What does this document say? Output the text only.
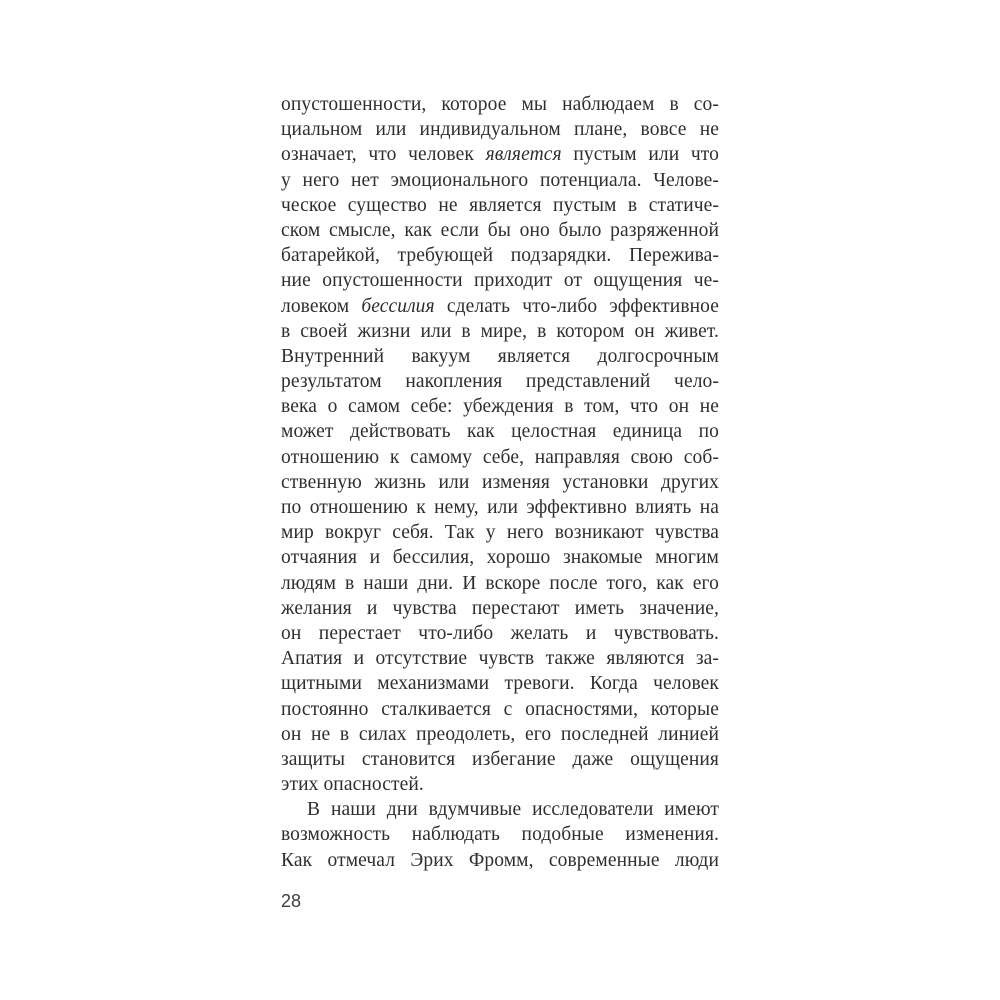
опустошенности, которое мы наблюдаем в со-
циальном или индивидуальном плане, вовсе не
означает, что человек является пустым или что
у него нет эмоционального потенциала. Челове-
ческое существо не является пустым в статиче-
ском смысле, как если бы оно было разряженной
батарейкой, требующей подзарядки. Пережива-
ние опустошенности приходит от ощущения че-
ловеком бессилия сделать что-либо эффективное
в своей жизни или в мире, в котором он живет.
Внутренний вакуум является долгосрочным
результатом накопления представлений чело-
века о самом себе: убеждения в том, что он не
может действовать как целостная единица по
отношению к самому себе, направляя свою соб-
ственную жизнь или изменяя установки других
по отношению к нему, или эффективно влиять на
мир вокруг себя. Так у него возникают чувства
отчаяния и бессилия, хорошо знакомые многим
людям в наши дни. И вскоре после того, как его
желания и чувства перестают иметь значение,
он перестает что-либо желать и чувствовать.
Апатия и отсутствие чувств также являются за-
щитными механизмами тревоги. Когда человек
постоянно сталкивается с опасностями, которые
он не в силах преодолеть, его последней линией
защиты становится избегание даже ощущения
этих опасностей.
В наши дни вдумчивые исследователи имеют
возможность наблюдать подобные изменения.
Как отмечал Эрих Фромм, современные люди
28
